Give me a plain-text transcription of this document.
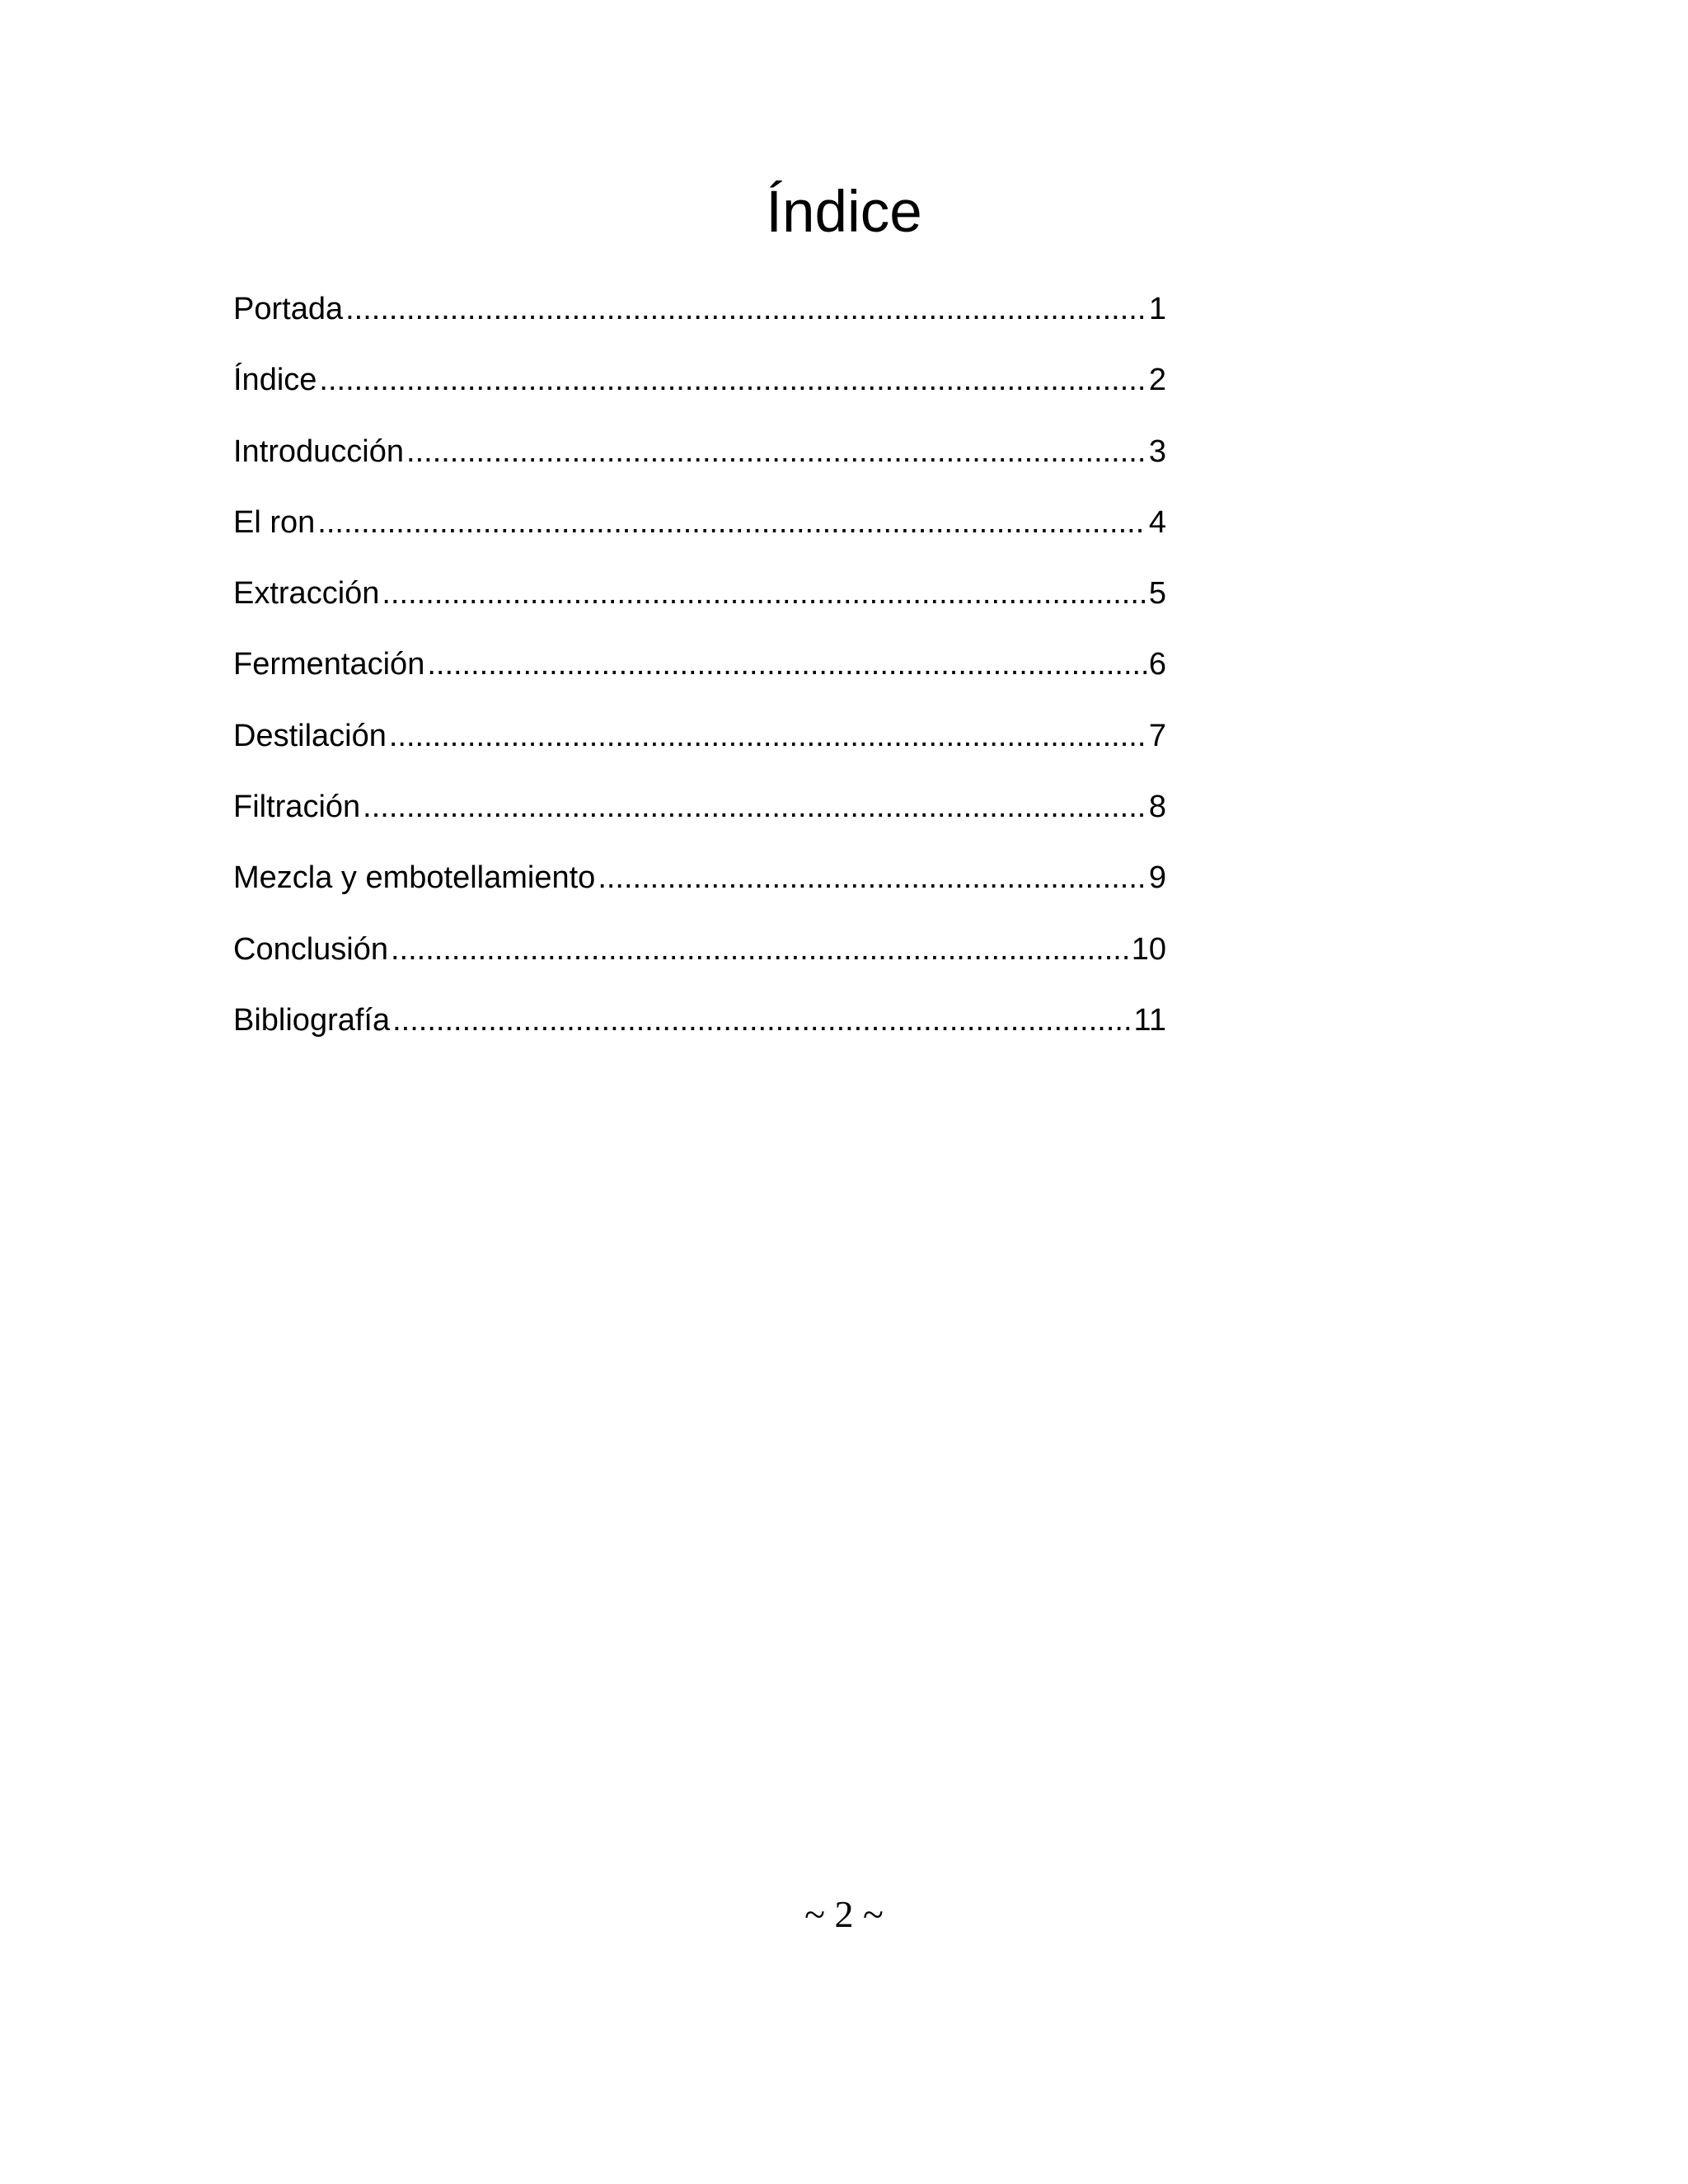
Índice
Portada .....	1
Índice .....	2
Introducción .....	3
El ron .....	4
Extracción .....	5
Fermentación .....	6
Destilación .....	7
Filtración .....	8
Mezcla y embotellamiento .....	9
Conclusión .....	10
Bibliografía .....	11
~ 2 ~
